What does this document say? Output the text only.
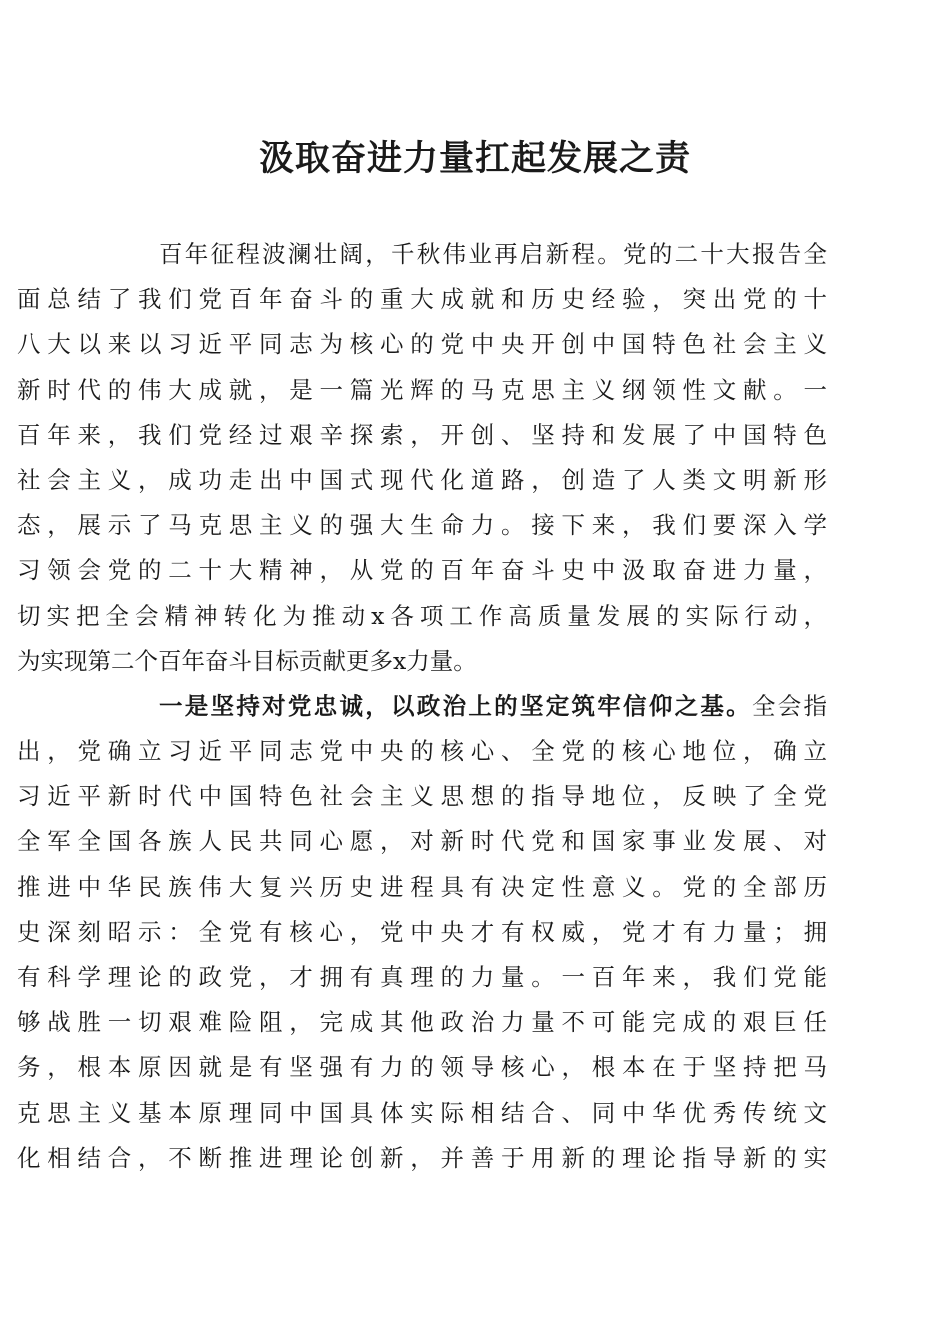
汲取奋进力量扛起发展之责
百年征程波澜壮阔，千秋伟业再启新程。党的二十大报告全
面总结了我们党百年奋斗的重大成就和历史经验，突出党的十
八大以来以习近平同志为核心的党中央开创中国特色社会主义
新时代的伟大成就，是一篇光辉的马克思主义纲领性文献。一
百年来，我们党经过艰辛探索，开创、坚持和发展了中国特色
社会主义，成功走出中国式现代化道路，创造了人类文明新形
态，展示了马克思主义的强大生命力。接下来，我们要深入学
习领会党的二十大精神，从党的百年奋斗史中汲取奋进力量，
切实把全会精神转化为推动x各项工作高质量发展的实际行动，
为实现第二个百年奋斗目标贡献更多x力量。
一是坚持对党忠诚，以政治上的坚定筑牢信仰之基。全会指
出，党确立习近平同志党中央的核心、全党的核心地位，确立
习近平新时代中国特色社会主义思想的指导地位，反映了全党
全军全国各族人民共同心愿，对新时代党和国家事业发展、对
推进中华民族伟大复兴历史进程具有决定性意义。党的全部历
史深刻昭示：全党有核心，党中央才有权威，党才有力量；拥
有科学理论的政党，才拥有真理的力量。一百年来，我们党能
够战胜一切艰难险阻，完成其他政治力量不可能完成的艰巨任
务，根本原因就是有坚强有力的领导核心，根本在于坚持把马
克思主义基本原理同中国具体实际相结合、同中华优秀传统文
化相结合，不断推进理论创新，并善于用新的理论指导新的实
